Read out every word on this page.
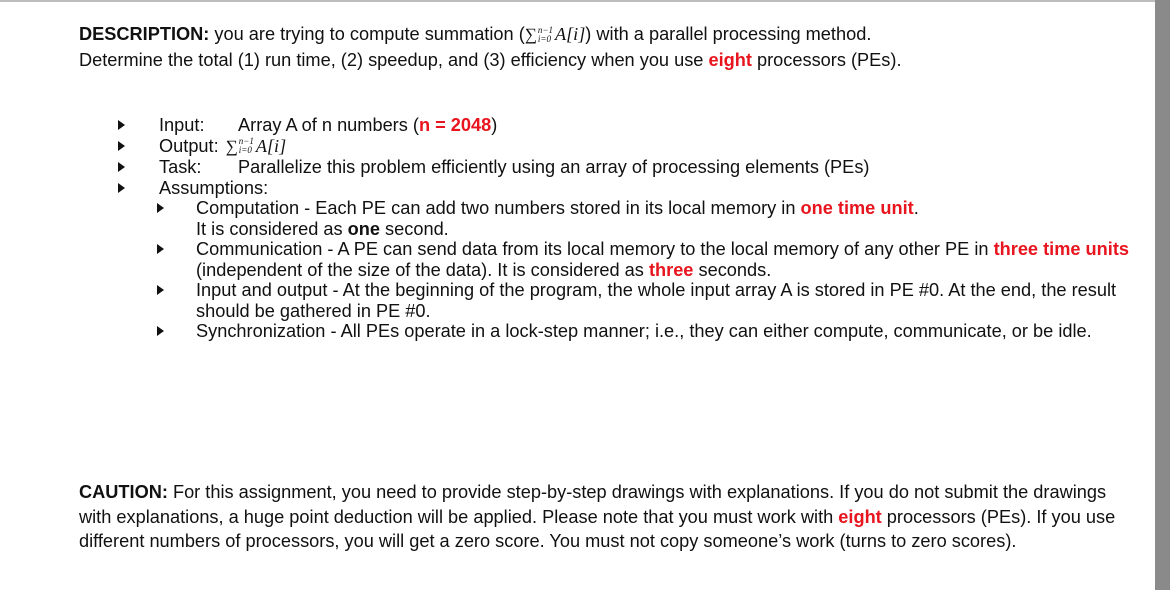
DESCRIPTION: you are trying to compute summation (∑ n−1
i=0 A[i]) with a parallel processing method.
Determine the total (1) run time, (2) speedup, and (3) efficiency when you use eight processors (PEs).
Input: Array A of n numbers (n = 2048)
Output: ∑ n−1
i=0 A[i]
Task: Parallelize this problem efficiently using an array of processing elements (PEs)
Assumptions:
Computation - Each PE can add two numbers stored in its local memory in one time unit.
It is considered as one second.
Communication - A PE can send data from its local memory to the local memory of any other PE in three time units (independent of the size of the data). It is considered as three seconds.
Input and output - At the beginning of the program, the whole input array A is stored in PE #0. At the end, the result should be gathered in PE #0.
Synchronization - All PEs operate in a lock-step manner; i.e., they can either compute, communicate, or be idle.
CAUTION: For this assignment, you need to provide step-by-step drawings with explanations. If you do not submit the drawings with explanations, a huge point deduction will be applied. Please note that you must work with eight processors (PEs). If you use different numbers of processors, you will get a zero score. You must not copy someone’s work (turns to zero scores).
